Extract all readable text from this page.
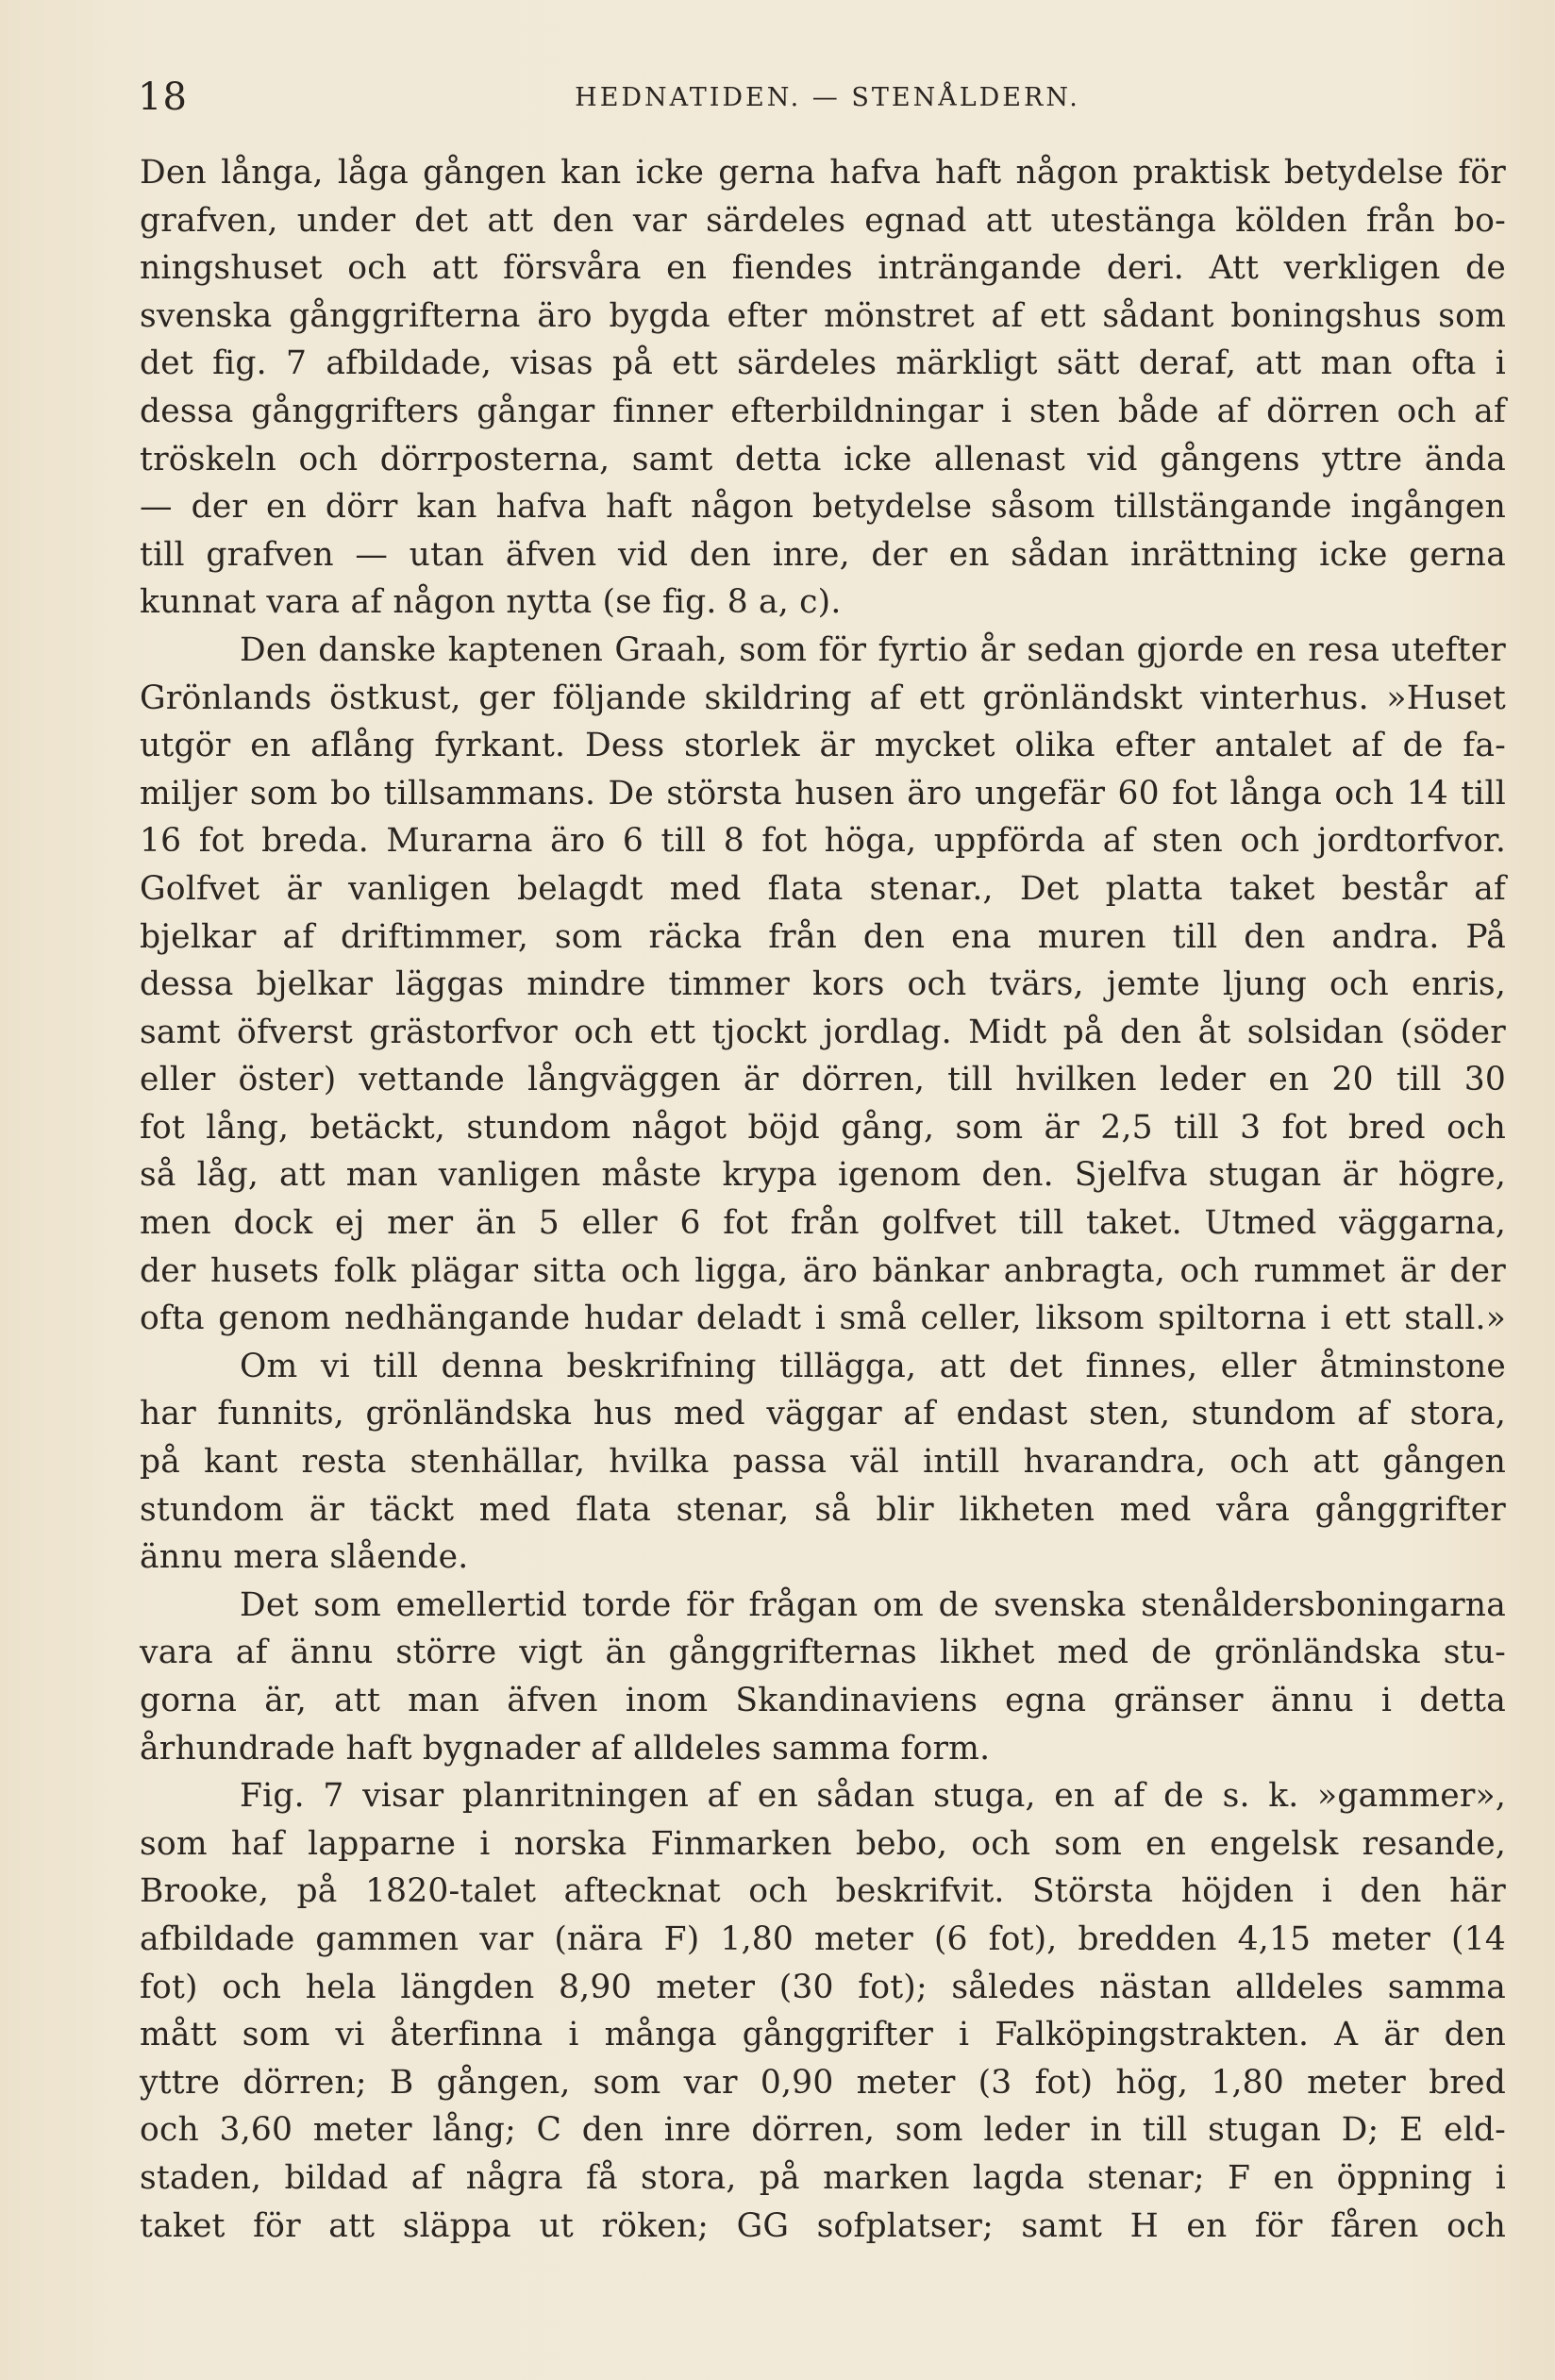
18	HEDNATIDEN. — STENÅLDERN.
Den långa, låga gången kan icke gerna hafva haft någon praktisk betydelse för
grafven, under det att den var särdeles egnad att utestänga kölden från bo-
ningshuset och att försvåra en fiendes inträngande deri. Att verkligen de
svenska gånggrifterna äro bygda efter mönstret af ett sådant boningshus som
det fig. 7 afbildade, visas på ett särdeles märkligt sätt deraf, att man ofta i
dessa gånggrifters gångar finner efterbildningar i sten både af dörren och af
tröskeln och dörrposterna, samt detta icke allenast vid gångens yttre ända
— der en dörr kan hafva haft någon betydelse såsom tillstängande ingången
till grafven — utan äfven vid den inre, der en sådan inrättning icke gerna
kunnat vara af någon nytta (se fig. 8 a, c).
Den danske kaptenen Graah, som för fyrtio år sedan gjorde en resa utefter
Grönlands östkust, ger följande skildring af ett grönländskt vinterhus. »Huset
utgör en aflång fyrkant. Dess storlek är mycket olika efter antalet af de fa-
miljer som bo tillsammans. De största husen äro ungefär 60 fot långa och 14 till
16 fot breda. Murarna äro 6 till 8 fot höga, uppförda af sten och jordtorfvor.
Golfvet är vanligen belagdt med flata stenar., Det platta taket består af
bjelkar af driftimmer, som räcka från den ena muren till den andra. På
dessa bjelkar läggas mindre timmer kors och tvärs, jemte ljung och enris,
samt öfverst grästorfvor och ett tjockt jordlag. Midt på den åt solsidan (söder
eller öster) vettande långväggen är dörren, till hvilken leder en 20 till 30
fot lång, betäckt, stundom något böjd gång, som är 2,5 till 3 fot bred och
så låg, att man vanligen måste krypa igenom den. Sjelfva stugan är högre,
men dock ej mer än 5 eller 6 fot från golfvet till taket. Utmed väggarna,
der husets folk plägar sitta och ligga, äro bänkar anbragta, och rummet är der
ofta genom nedhängande hudar deladt i små celler, liksom spiltorna i ett stall.»
Om vi till denna beskrifning tillägga, att det finnes, eller åtminstone
har funnits, grönländska hus med väggar af endast sten, stundom af stora,
på kant resta stenhällar, hvilka passa väl intill hvarandra, och att gången
stundom är täckt med flata stenar, så blir likheten med våra gånggrifter
ännu mera slående.
Det som emellertid torde för frågan om de svenska stenåldersboningarna
vara af ännu större vigt än gånggrifternas likhet med de grönländska stu-
gorna är, att man äfven inom Skandinaviens egna gränser ännu i detta
århundrade haft bygnader af alldeles samma form.
Fig. 7 visar planritningen af en sådan stuga, en af de s. k. »gammer»,
som haf lapparne i norska Finmarken bebo, och som en engelsk resande,
Brooke, på 1820-talet aftecknat och beskrifvit. Största höjden i den här
afbildade gammen var (nära F) 1,80 meter (6 fot), bredden 4,15 meter (14
fot) och hela längden 8,90 meter (30 fot); således nästan alldeles samma
mått som vi återfinna i många gånggrifter i Falköpingstrakten. A är den
yttre dörren; B gången, som var 0,90 meter (3 fot) hög, 1,80 meter bred
och 3,60 meter lång; C den inre dörren, som leder in till stugan D; E eld-
staden, bildad af några få stora, på marken lagda stenar; F en öppning i
taket för att släppa ut röken; GG sofplatser; samt H en för fåren och
